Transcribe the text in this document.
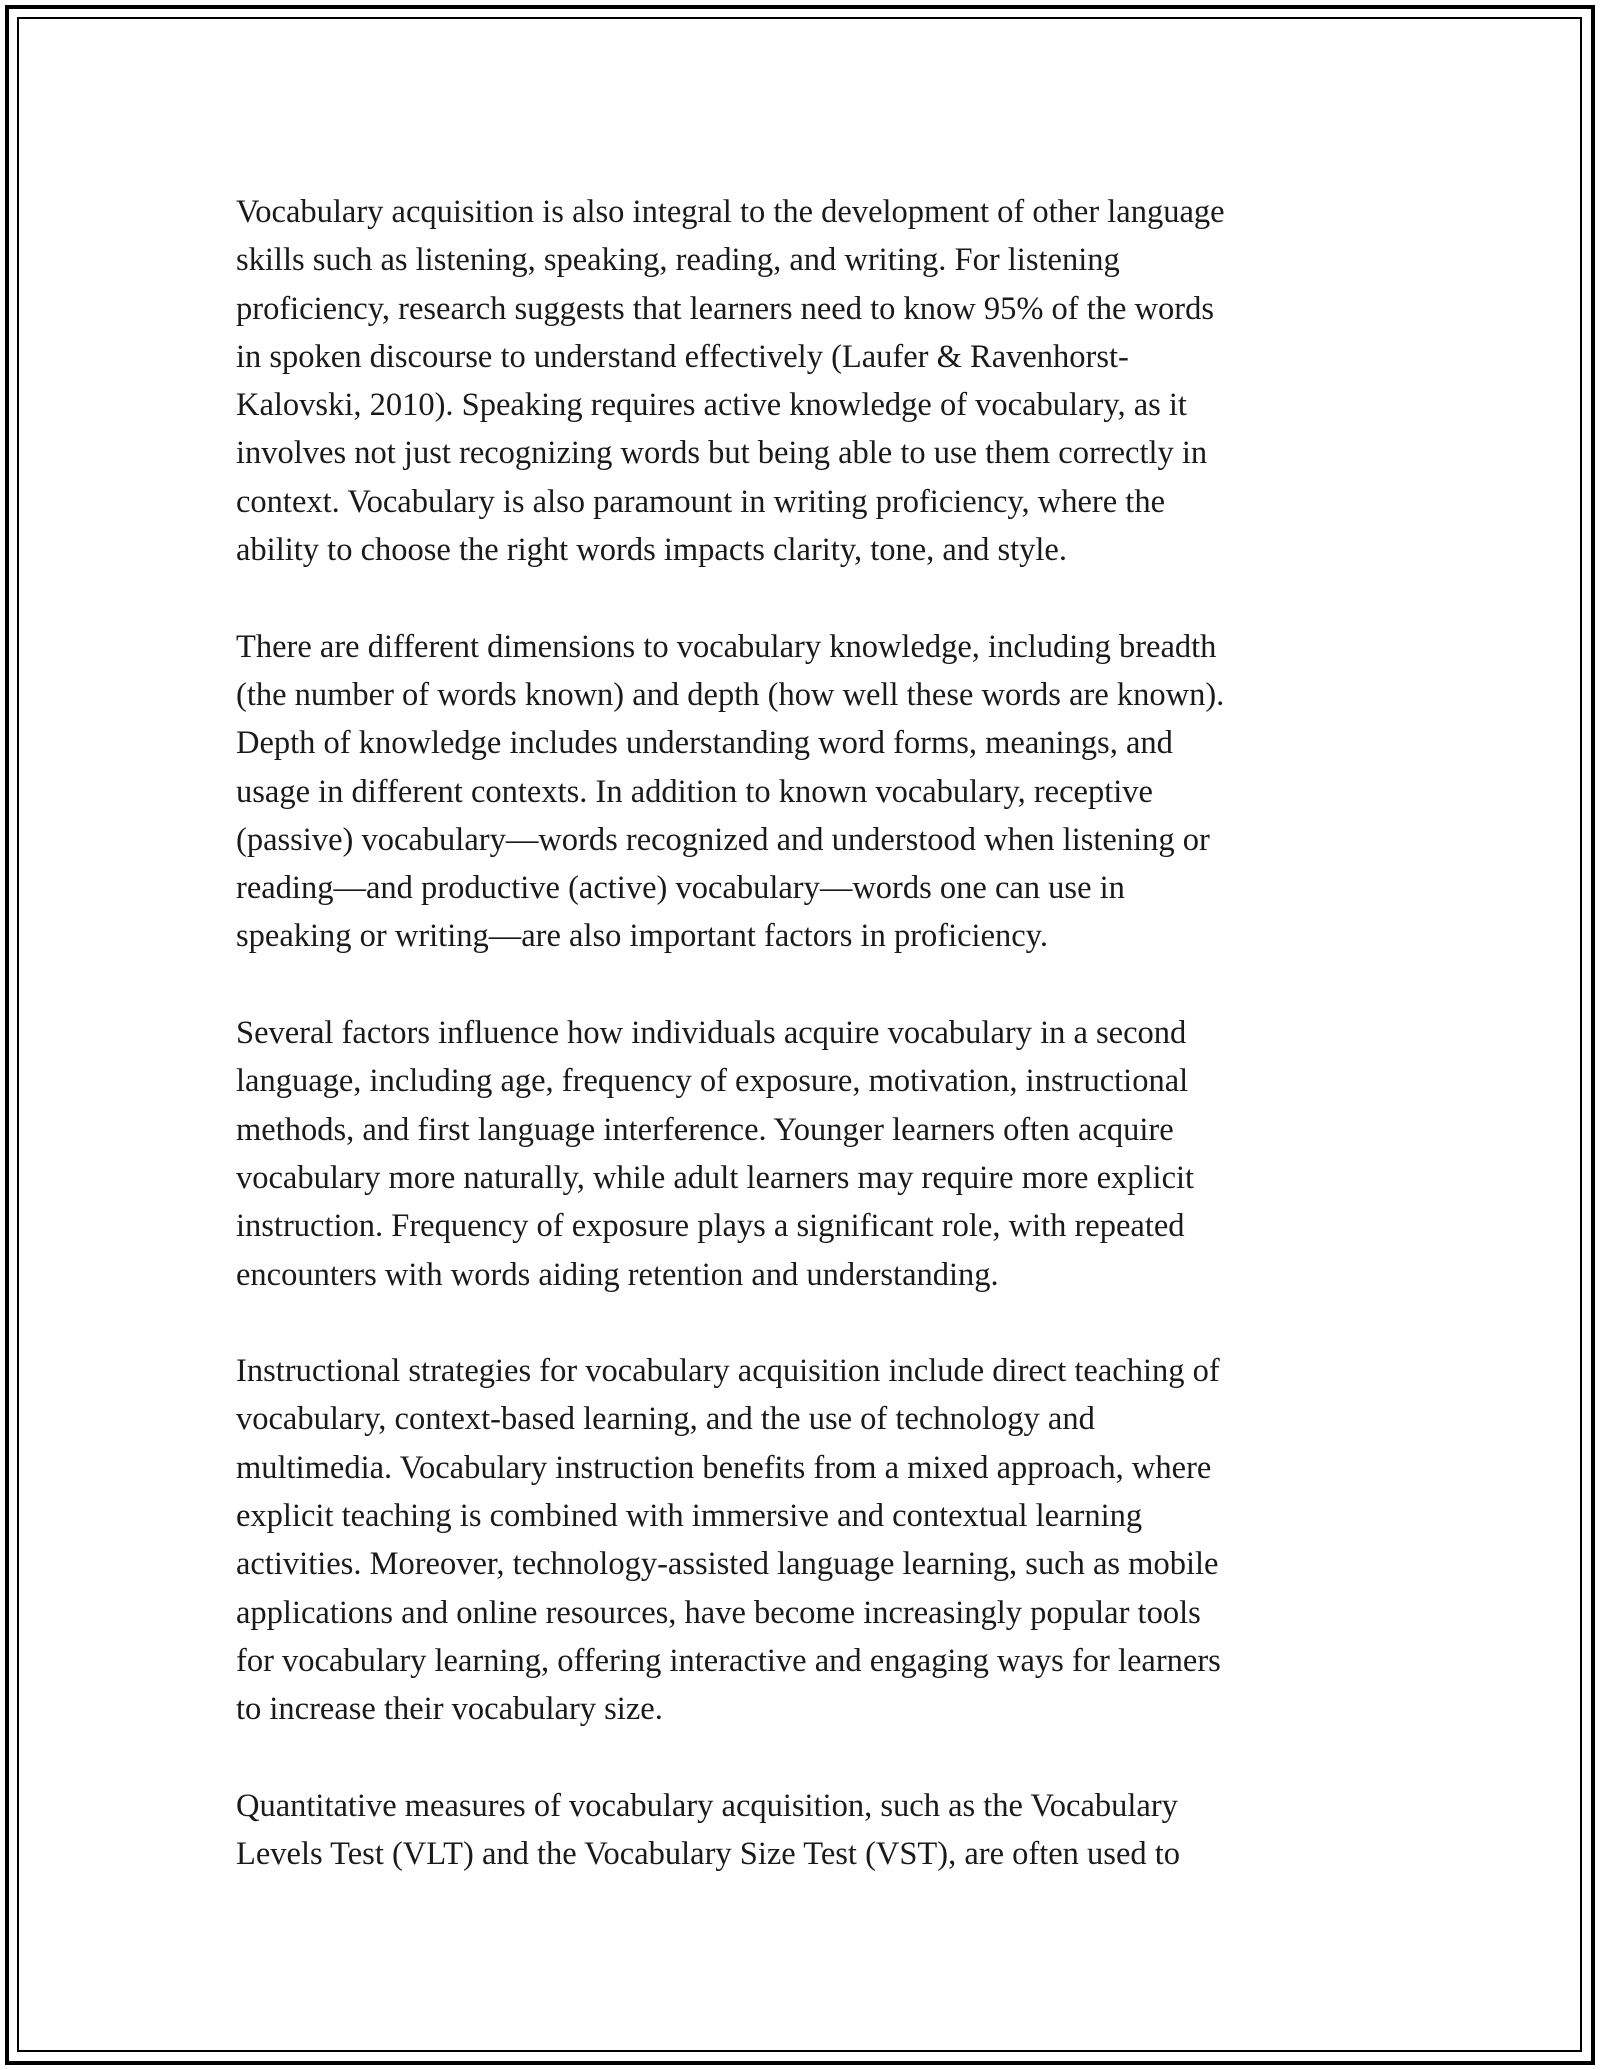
Vocabulary acquisition is also integral to the development of other language
skills such as listening, speaking, reading, and writing. For listening
proficiency, research suggests that learners need to know 95% of the words
in spoken discourse to understand effectively (Laufer & Ravenhorst-
Kalovski, 2010). Speaking requires active knowledge of vocabulary, as it
involves not just recognizing words but being able to use them correctly in
context. Vocabulary is also paramount in writing proficiency, where the
ability to choose the right words impacts clarity, tone, and style.

There are different dimensions to vocabulary knowledge, including breadth
(the number of words known) and depth (how well these words are known).
Depth of knowledge includes understanding word forms, meanings, and
usage in different contexts. In addition to known vocabulary, receptive
(passive) vocabulary—words recognized and understood when listening or
reading—and productive (active) vocabulary—words one can use in
speaking or writing—are also important factors in proficiency.

Several factors influence how individuals acquire vocabulary in a second
language, including age, frequency of exposure, motivation, instructional
methods, and first language interference. Younger learners often acquire
vocabulary more naturally, while adult learners may require more explicit
instruction. Frequency of exposure plays a significant role, with repeated
encounters with words aiding retention and understanding.

Instructional strategies for vocabulary acquisition include direct teaching of
vocabulary, context-based learning, and the use of technology and
multimedia. Vocabulary instruction benefits from a mixed approach, where
explicit teaching is combined with immersive and contextual learning
activities. Moreover, technology-assisted language learning, such as mobile
applications and online resources, have become increasingly popular tools
for vocabulary learning, offering interactive and engaging ways for learners
to increase their vocabulary size.

Quantitative measures of vocabulary acquisition, such as the Vocabulary
Levels Test (VLT) and the Vocabulary Size Test (VST), are often used to
